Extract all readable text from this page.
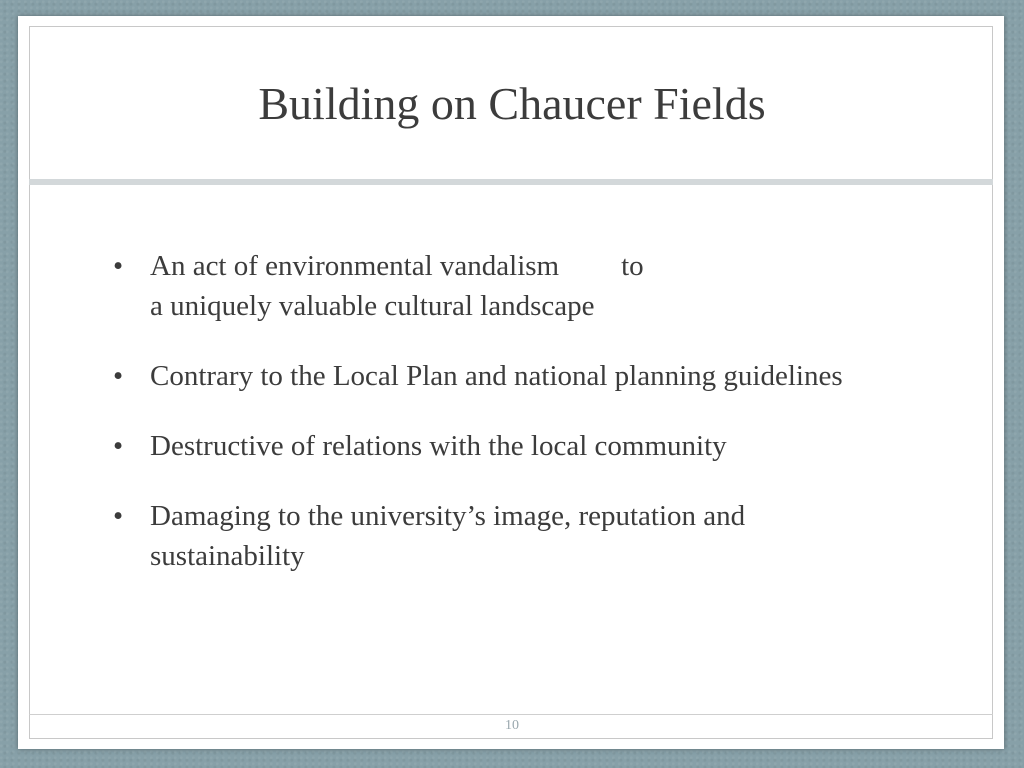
Building on Chaucer Fields
• An act of environmental vandalism to
a uniquely valuable cultural landscape
• Contrary to the Local Plan and national planning guidelines
• Destructive of relations with the local community
• Damaging to the university’s image, reputation and sustainability
10
